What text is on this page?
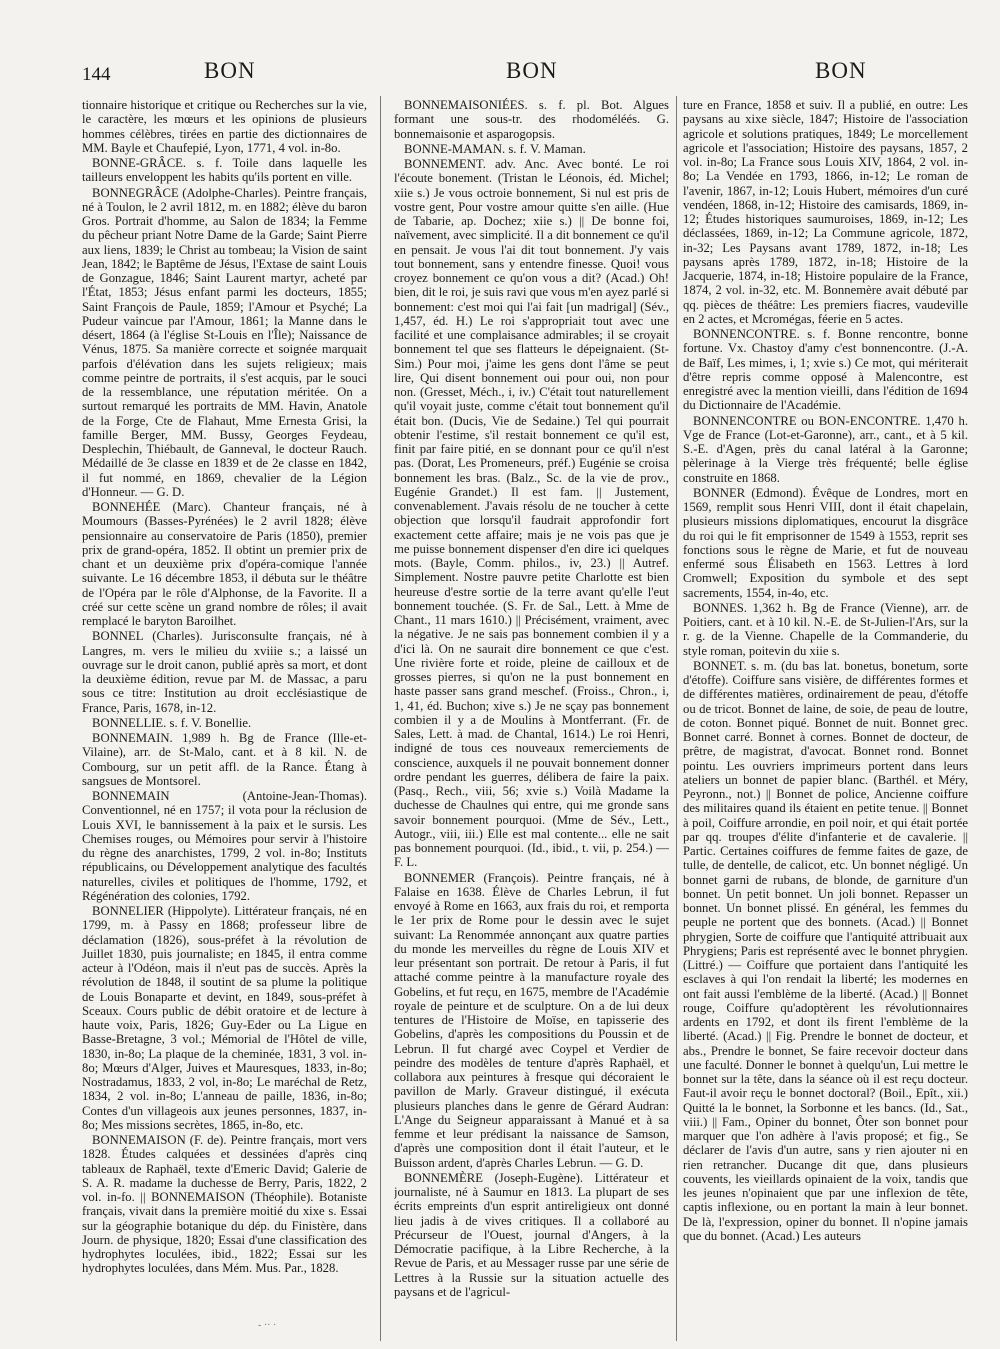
144	BON	BON	BON

tionnaire historique et critique ou Recherches sur la vie, le caractère, les mœurs et les opinions de plusieurs hommes célèbres, tirées en partie des dictionnaires de MM. Bayle et Chaufepié, Lyon, 1771, 4 vol. in-8o.

BONNE-GRÂCE. s. f. Toile dans laquelle les tailleurs enveloppent les habits qu'ils portent en ville.

BONNEGRÂCE (Adolphe-Charles). Peintre français, né à Toulon, le 2 avril 1812, m. en 1882; élève du baron Gros. Portrait d'homme, au Salon de 1834; la Femme du pêcheur priant Notre Dame de la Garde; Saint Pierre aux liens, 1839; le Christ au tombeau; la Vision de saint Jean, 1842; le Baptême de Jésus, l'Extase de saint Louis de Gonzague, 1846; Saint Laurent martyr, acheté par l'État, 1853; Jésus enfant parmi les docteurs, 1855; Saint François de Paule, 1859; l'Amour et Psyché; La Pudeur vaincue par l'Amour, 1861; la Manne dans le désert, 1864 (à l'église St-Louis en l'Île); Naissance de Vénus, 1875. Sa manière correcte et soignée marquait parfois d'élévation dans les sujets religieux; mais comme peintre de portraits, il s'est acquis, par le souci de la ressemblance, une réputation méritée. On a surtout remarqué les portraits de MM. Havin, Anatole de la Forge, Cte de Flahaut, Mme Ernesta Grisi, la famille Berger, MM. Bussy, Georges Feydeau, Desplechin, Thiébault, de Ganneval, le docteur Rauch. Médaillé de 3e classe en 1839 et de 2e classe en 1842, il fut nommé, en 1869, chevalier de la Légion d'Honneur. — G. D.

BONNEHÉE (Marc). Chanteur français, né à Moumours (Basses-Pyrénées) le 2 avril 1828; élève pensionnaire au conservatoire de Paris (1850), premier prix de grand-opéra, 1852. Il obtint un premier prix de chant et un deuxième prix d'opéra-comique l'année suivante. Le 16 décembre 1853, il débuta sur le théâtre de l'Opéra par le rôle d'Alphonse, de la Favorite. Il a créé sur cette scène un grand nombre de rôles; il avait remplacé le baryton Baroilhet.

BONNEL (Charles). Jurisconsulte français, né à Langres, m. vers le milieu du xviiie s.; a laissé un ouvrage sur le droit canon, publié après sa mort, et dont la deuxième édition, revue par M. de Massac, a paru sous ce titre: Institution au droit ecclésiastique de France, Paris, 1678, in-12.

BONNELLIE. s. f. V. Bonellie.

BONNEMAIN. 1,989 h. Bg de France (Ille-et-Vilaine), arr. de St-Malo, cant. et à 8 kil. N. de Combourg, sur un petit affl. de la Rance. Étang à sangsues de Montsorel.

BONNEMAIN (Antoine-Jean-Thomas). Conventionnel, né en 1757; il vota pour la réclusion de Louis XVI, le bannissement à la paix et le sursis. Les Chemises rouges, ou Mémoires pour servir à l'histoire du règne des anarchistes, 1799, 2 vol. in-8o; Instituts républicains, ou Développement analytique des facultés naturelles, civiles et politiques de l'homme, 1792, et Régénération des colonies, 1792.

BONNELIER (Hippolyte). Littérateur français, né en 1799, m. à Passy en 1868; professeur libre de déclamation (1826), sous-préfet à la révolution de Juillet 1830, puis journaliste; en 1845, il entra comme acteur à l'Odéon, mais il n'eut pas de succès. Après la révolution de 1848, il soutint de sa plume la politique de Louis Bonaparte et devint, en 1849, sous-préfet à Sceaux. Cours public de débit oratoire et de lecture à haute voix, Paris, 1826; Guy-Eder ou La Ligue en Basse-Bretagne, 3 vol.; Mémorial de l'Hôtel de ville, 1830, in-8o; La plaque de la cheminée, 1831, 3 vol. in-8o; Mœurs d'Alger, Juives et Mauresques, 1833, in-8o; Nostradamus, 1833, 2 vol, in-8o; Le maréchal de Retz, 1834, 2 vol. in-8o; L'anneau de paille, 1836, in-8o; Contes d'un villageois aux jeunes personnes, 1837, in-8o; Mes missions secrètes, 1865, in-8o, etc.

BONNEMAISON (F. de). Peintre français, mort vers 1828. Études calquées et dessinées d'après cinq tableaux de Raphaël, texte d'Emeric David; Galerie de S. A. R. madame la duchesse de Berry, Paris, 1822, 2 vol. in-fo. || BONNEMAISON (Théophile). Botaniste français, vivait dans la première moitié du xixe s. Essai sur la géographie botanique du dép. du Finistère, dans Journ. de physique, 1820; Essai d'une classification des hydrophytes loculées, ibid., 1822; Essai sur les hydrophytes loculées, dans Mém. Mus. Par., 1828.

BONNEMAISONIÉES. s. f. pl. Bot. Algues formant une sous-tr. des rhodoméléés. G. bonnemaisonie et asparogopsis.

BONNE-MAMAN. s. f. V. Maman.

BONNEMENT. adv. Anc. Avec bonté. Le roi l'écoute bonement. (Tristan le Léonois, éd. Michel; xiie s.) Je vous octroie bonnement, Si nul est pris de vostre gent, Pour vostre amour quitte s'en aille. (Hue de Tabarie, ap. Dochez; xiie s.) || De bonne foi, naïvement, avec simplicité. Il a dit bonnement ce qu'il en pensait. Je vous l'ai dit tout bonnement. J'y vais tout bonnement, sans y entendre finesse. Quoi! vous croyez bonnement ce qu'on vous a dit? (Acad.) Oh! bien, dit le roi, je suis ravi que vous m'en ayez parlé si bonnement: c'est moi qui l'ai fait [un madrigal] (Sév., 1,457, éd. H.) Le roi s'appropriait tout avec une facilité et une complaisance admirables; il se croyait bonnement tel que ses flatteurs le dépeignaient. (St-Sim.) Pour moi, j'aime les gens dont l'âme se peut lire, Qui disent bonnement oui pour oui, non pour non. (Gresset, Méch., i, iv.) C'était tout naturellement qu'il voyait juste, comme c'était tout bonnement qu'il était bon. (Ducis, Vie de Sedaine.) Tel qui pourrait obtenir l'estime, s'il restait bonnement ce qu'il est, finit par faire pitié, en se donnant pour ce qu'il n'est pas. (Dorat, Les Promeneurs, préf.) Eugénie se croisa bonnement les bras. (Balz., Sc. de la vie de prov., Eugénie Grandet.) Il est fam. || Justement, convenablement. J'avais résolu de ne toucher à cette objection que lorsqu'il faudrait approfondir fort exactement cette affaire; mais je ne vois pas que je me puisse bonnement dispenser d'en dire ici quelques mots. (Bayle, Comm. philos., iv, 23.) || Autref. Simplement. Nostre pauvre petite Charlotte est bien heureuse d'estre sortie de la terre avant qu'elle l'eut bonnement touchée. (S. Fr. de Sal., Lett. à Mme de Chant., 11 mars 1610.) || Précisément, vraiment, avec la négative. Je ne sais pas bonnement combien il y a d'ici là. On ne saurait dire bonnement ce que c'est. Une rivière forte et roide, pleine de cailloux et de grosses pierres, si qu'on ne la pust bonnement en haste passer sans grand meschef. (Froiss., Chron., i, 1, 41, éd. Buchon; xive s.) Je ne sçay pas bonnement combien il y a de Moulins à Montferrant. (Fr. de Sales, Lett. à mad. de Chantal, 1614.) Le roi Henri, indigné de tous ces nouveaux remerciements de conscience, auxquels il ne pouvait bonnement donner ordre pendant les guerres, délibera de faire la paix. (Pasq., Rech., viii, 56; xvie s.) Voilà Madame la duchesse de Chaulnes qui entre, qui me gronde sans savoir bonnement pourquoi. (Mme de Sév., Lett., Autogr., viii, iii.) Elle est mal contente... elle ne sait pas bonnement pourquoi. (Id., ibid., t. vii, p. 254.) — F. L.

BONNEMER (François). Peintre français, né à Falaise en 1638. Élève de Charles Lebrun, il fut envoyé à Rome en 1663, aux frais du roi, et remporta le 1er prix de Rome pour le dessin avec le sujet suivant: La Renommée annonçant aux quatre parties du monde les merveilles du règne de Louis XIV et leur présentant son portrait. De retour à Paris, il fut attaché comme peintre à la manufacture royale des Gobelins, et fut reçu, en 1675, membre de l'Académie royale de peinture et de sculpture. On a de lui deux tentures de l'Histoire de Moïse, en tapisserie des Gobelins, d'après les compositions du Poussin et de Lebrun. Il fut chargé avec Coypel et Verdier de peindre des modèles de tenture d'après Raphaël, et collabora aux peintures à fresque qui décoraient le pavillon de Marly. Graveur distingué, il exécuta plusieurs planches dans le genre de Gérard Audran: L'Ange du Seigneur apparaissant à Manué et à sa femme et leur prédisant la naissance de Samson, d'après une composition dont il était l'auteur, et le Buisson ardent, d'après Charles Lebrun. — G. D.

BONNEMÈRE (Joseph-Eugène). Littérateur et journaliste, né à Saumur en 1813. La plupart de ses écrits empreints d'un esprit antireligieux ont donné lieu jadis à de vives critiques. Il a collaboré au Précurseur de l'Ouest, journal d'Angers, à la Démocratie pacifique, à la Libre Recherche, à la Revue de Paris, et au Messager russe par une série de Lettres à la Russie sur la situation actuelle des paysans et de l'agricul-

ture en France, 1858 et suiv. Il a publié, en outre: Les paysans au xixe siècle, 1847; Histoire de l'association agricole et solutions pratiques, 1849; Le morcellement agricole et l'association; Histoire des paysans, 1857, 2 vol. in-8o; La France sous Louis XIV, 1864, 2 vol. in-8o; La Vendée en 1793, 1866, in-12; Le roman de l'avenir, 1867, in-12; Louis Hubert, mémoires d'un curé vendéen, 1868, in-12; Histoire des camisards, 1869, in-12; Études historiques saumuroises, 1869, in-12; Les déclassées, 1869, in-12; La Commune agricole, 1872, in-32; Les Paysans avant 1789, 1872, in-18; Les paysans après 1789, 1872, in-18; Histoire de la Jacquerie, 1874, in-18; Histoire populaire de la France, 1874, 2 vol. in-32, etc. M. Bonnemère avait débuté par qq. pièces de théâtre: Les premiers fiacres, vaudeville en 2 actes, et Mcromégas, féerie en 5 actes.

BONNENCONTRE. s. f. Bonne rencontre, bonne fortune. Vx. Chastoy d'amy c'est bonnencontre. (J.-A. de Baïf, Les mimes, i, 1; xvie s.) Ce mot, qui mériterait d'être repris comme opposé à Malencontre, est enregistré avec la mention vieilli, dans l'édition de 1694 du Dictionnaire de l'Académie.

BONNENCONTRE ou BON-ENCONTRE. 1,470 h. Vge de France (Lot-et-Garonne), arr., cant., et à 5 kil. S.-E. d'Agen, près du canal latéral à la Garonne; pèlerinage à la Vierge très fréquenté; belle église construite en 1868.

BONNER (Edmond). Évêque de Londres, mort en 1569, remplit sous Henri VIII, dont il était chapelain, plusieurs missions diplomatiques, encourut la disgrâce du roi qui le fit emprisonner de 1549 à 1553, reprit ses fonctions sous le règne de Marie, et fut de nouveau enfermé sous Élisabeth en 1563. Lettres à lord Cromwell; Exposition du symbole et des sept sacrements, 1554, in-4o, etc.

BONNES. 1,362 h. Bg de France (Vienne), arr. de Poitiers, cant. et à 10 kil. N.-E. de St-Julien-l'Ars, sur la r. g. de la Vienne. Chapelle de la Commanderie, du style roman, poitevin du xiie s.

BONNET. s. m. (du bas lat. bonetus, bonetum, sorte d'étoffe). Coiffure sans visière, de différentes formes et de différentes matières, ordinairement de peau, d'étoffe ou de tricot. Bonnet de laine, de soie, de peau de loutre, de coton. Bonnet piqué. Bonnet de nuit. Bonnet grec. Bonnet carré. Bonnet à cornes. Bonnet de docteur, de prêtre, de magistrat, d'avocat. Bonnet rond. Bonnet pointu. Les ouvriers imprimeurs portent dans leurs ateliers un bonnet de papier blanc. (Barthél. et Méry, Peyronn., not.) || Bonnet de police, Ancienne coiffure des militaires quand ils étaient en petite tenue. || Bonnet à poil, Coiffure arrondie, en poil noir, et qui était portée par qq. troupes d'élite d'infanterie et de cavalerie. || Partic. Certaines coiffures de femme faites de gaze, de tulle, de dentelle, de calicot, etc. Un bonnet négligé. Un bonnet garni de rubans, de blonde, de garniture d'un bonnet. Un petit bonnet. Un joli bonnet. Repasser un bonnet. Un bonnet plissé. En général, les femmes du peuple ne portent que des bonnets. (Acad.) || Bonnet phrygien, Sorte de coiffure que l'antiquité attribuait aux Phrygiens; Paris est représenté avec le bonnet phrygien. (Littré.) — Coiffure que portaient dans l'antiquité les esclaves à qui l'on rendait la liberté; les modernes en ont fait aussi l'emblème de la liberté. (Acad.) || Bonnet rouge, Coiffure qu'adoptèrent les révolutionnaires ardents en 1792, et dont ils firent l'emblème de la liberté. (Acad.) || Fig. Prendre le bonnet de docteur, et abs., Prendre le bonnet, Se faire recevoir docteur dans une faculté. Donner le bonnet à quelqu'un, Lui mettre le bonnet sur la tête, dans la séance où il est reçu docteur. Faut-il avoir reçu le bonnet doctoral? (Boil., Epît., xii.) Quitté la le bonnet, la Sorbonne et les bancs. (Id., Sat., viii.) || Fam., Opiner du bonnet, Ôter son bonnet pour marquer que l'on adhère à l'avis proposé; et fig., Se déclarer de l'avis d'un autre, sans y rien ajouter ni en rien retrancher. Ducange dit que, dans plusieurs couvents, les vieillards opinaient de la voix, tandis que les jeunes n'opinaient que par une inflexion de tête, captis inflexione, ou en portant la main à leur bonnet. De là, l'expression, opiner du bonnet. Il n'opine jamais que du bonnet. (Acad.) Les auteurs

- ·· ·
